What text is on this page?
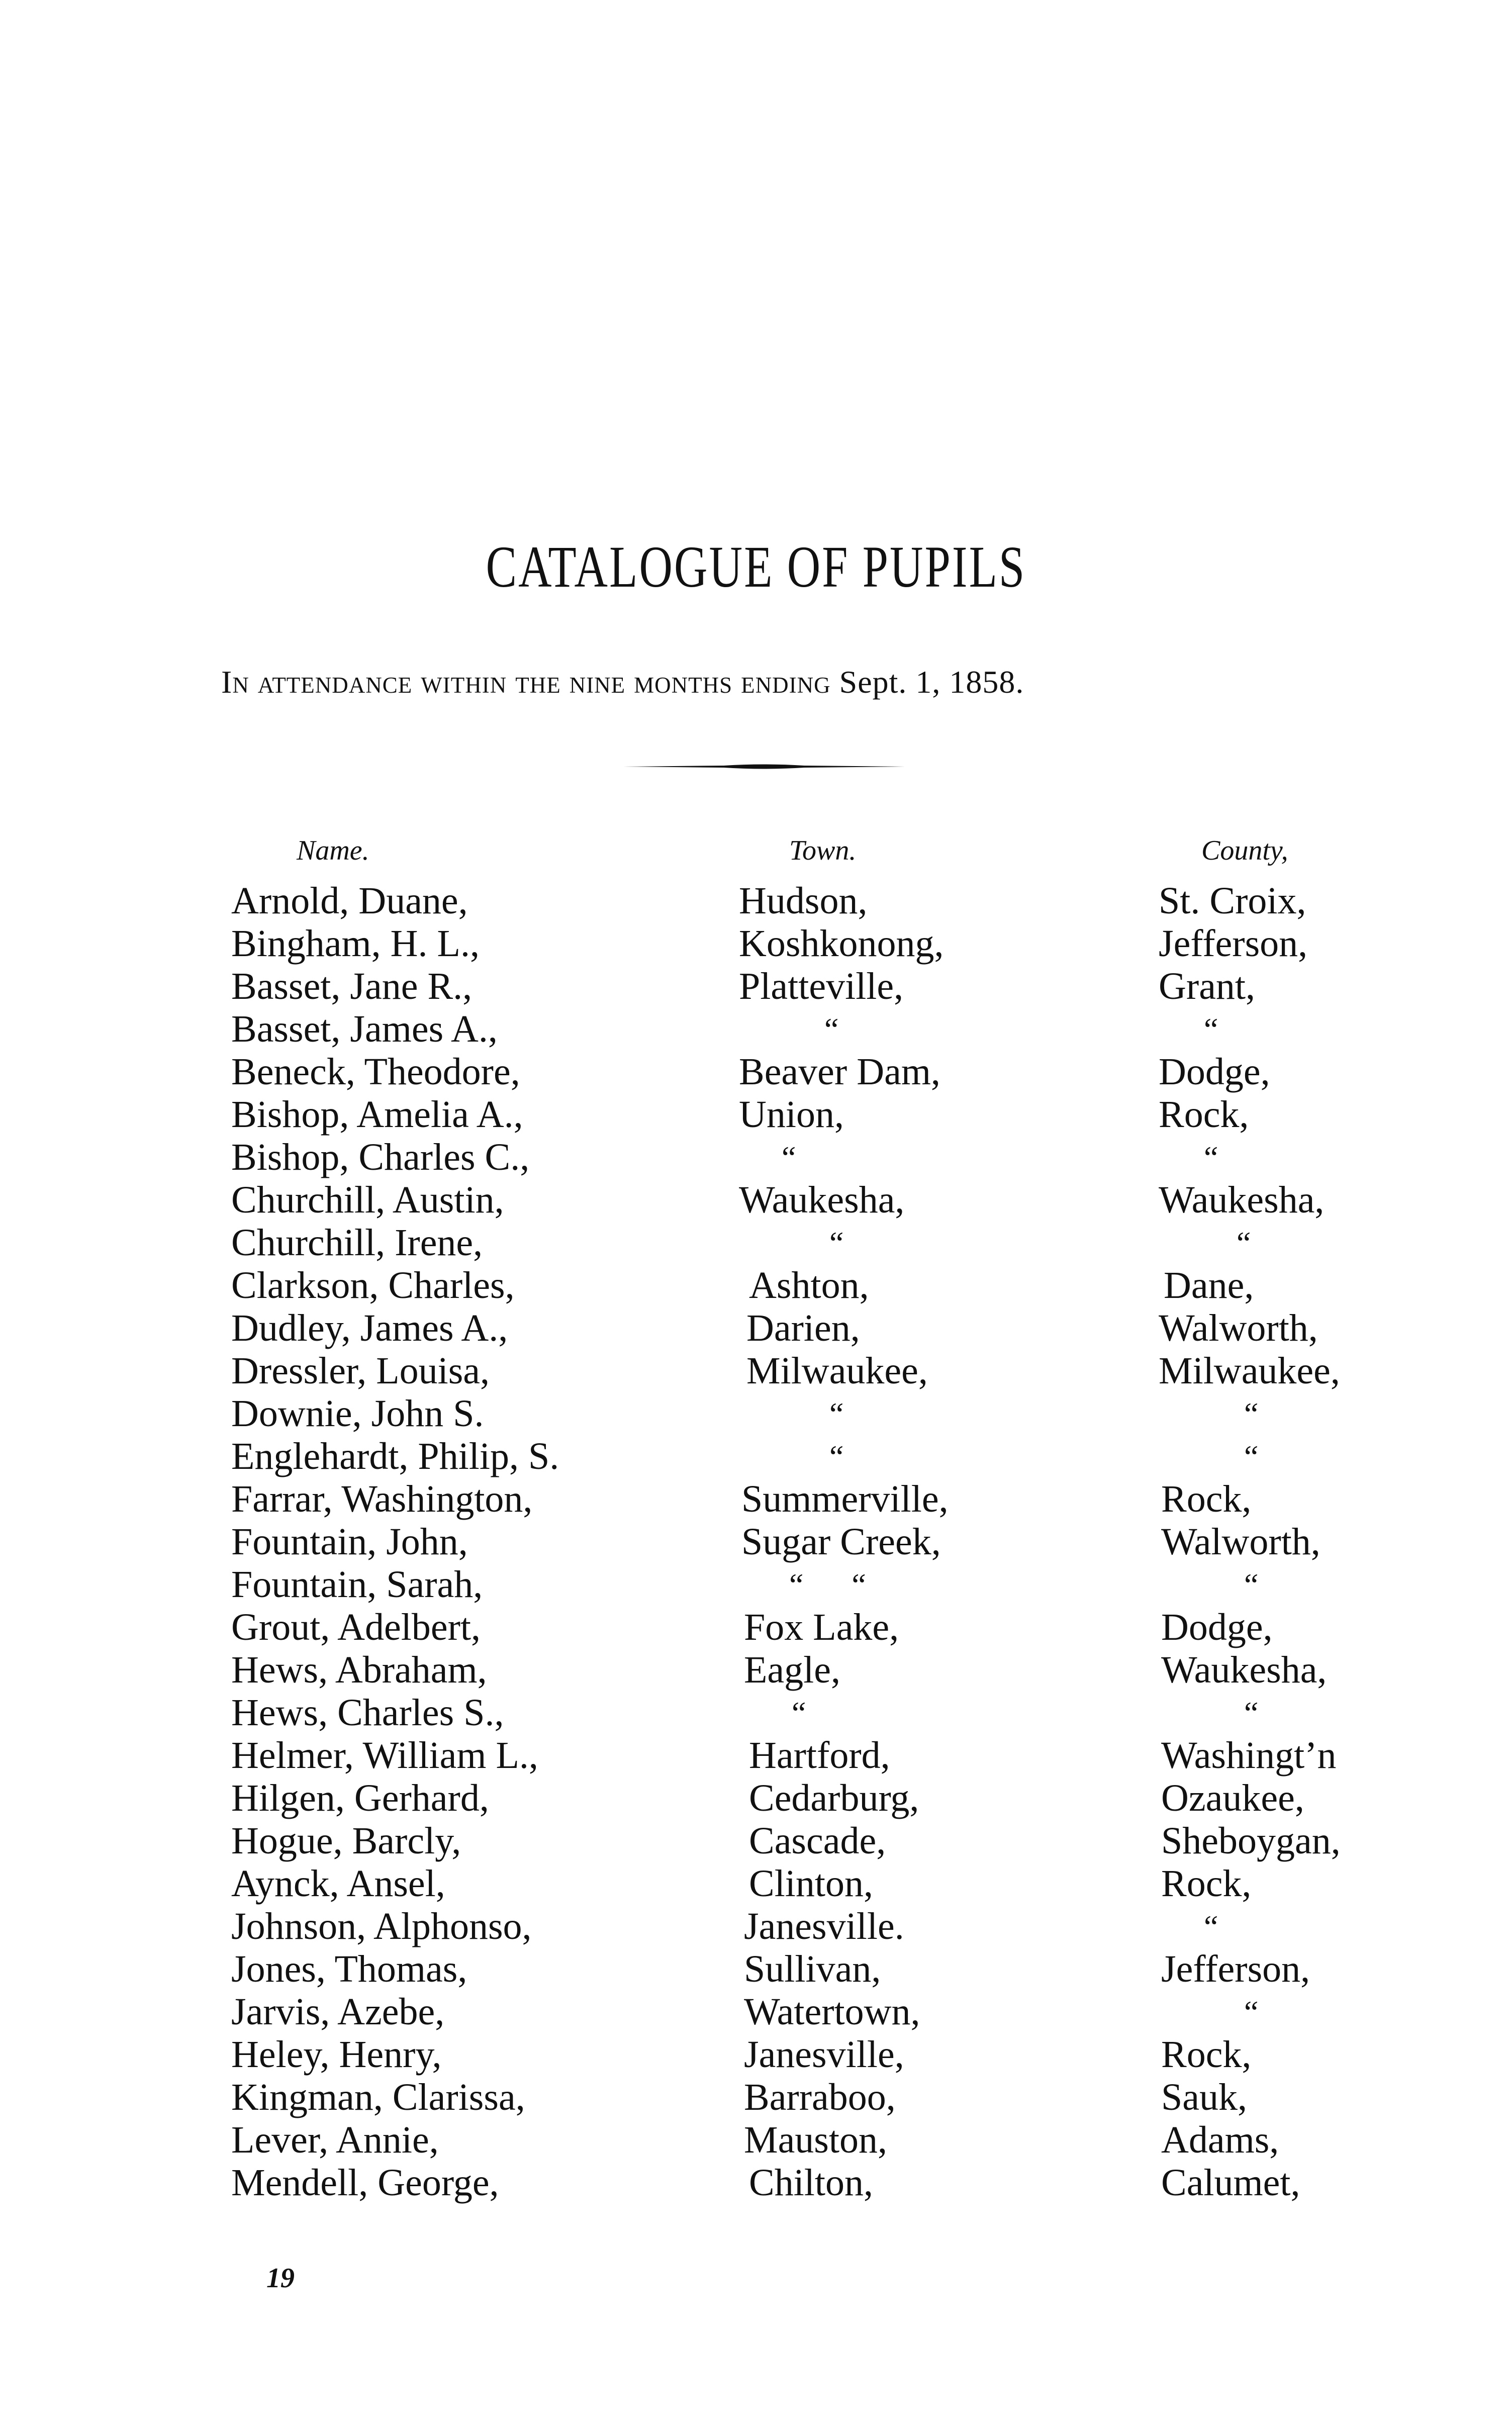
CATALOGUE OF PUPILS
In attendance within the nine months ending Sept. 1, 1858.
Name.	Town.	County,
Arnold, Duane,	Hudson,	St. Croix,
Bingham, H. L.,	Koshkonong,	Jefferson,
Basset, Jane R.,	Platteville,	Grant,
Basset, James A.,	“	“
Beneck, Theodore,	Beaver Dam,	Dodge,
Bishop, Amelia A.,	Union,	Rock,
Bishop, Charles C.,	“	“
Churchill, Austin,	Waukesha,	Waukesha,
Churchill, Irene,	“	“
Clarkson, Charles,	Ashton,	Dane,
Dudley, James A.,	Darien,	Walworth,
Dressler, Louisa,	Milwaukee,	Milwaukee,
Downie, John S.	“	“
Englehardt, Philip, S.	“	“
Farrar, Washington,	Summerville,	Rock,
Fountain, John,	Sugar Creek,	Walworth,
Fountain, Sarah,	“      “	“
Grout, Adelbert,	Fox Lake,	Dodge,
Hews, Abraham,	Eagle,	Waukesha,
Hews, Charles S.,	“	“
Helmer, William L.,	Hartford,	Washingt’n
Hilgen, Gerhard,	Cedarburg,	Ozaukee,
Hogue, Barcly,	Cascade,	Sheboygan,
Aynck, Ansel,	Clinton,	Rock,
Johnson, Alphonso,	Janesville.	“
Jones, Thomas,	Sullivan,	Jefferson,
Jarvis, Azebe,	Watertown,	“
Heley, Henry,	Janesville,	Rock,
Kingman, Clarissa,	Barraboo,	Sauk,
Lever, Annie,	Mauston,	Adams,
Mendell, George,	Chilton,	Calumet,
19
